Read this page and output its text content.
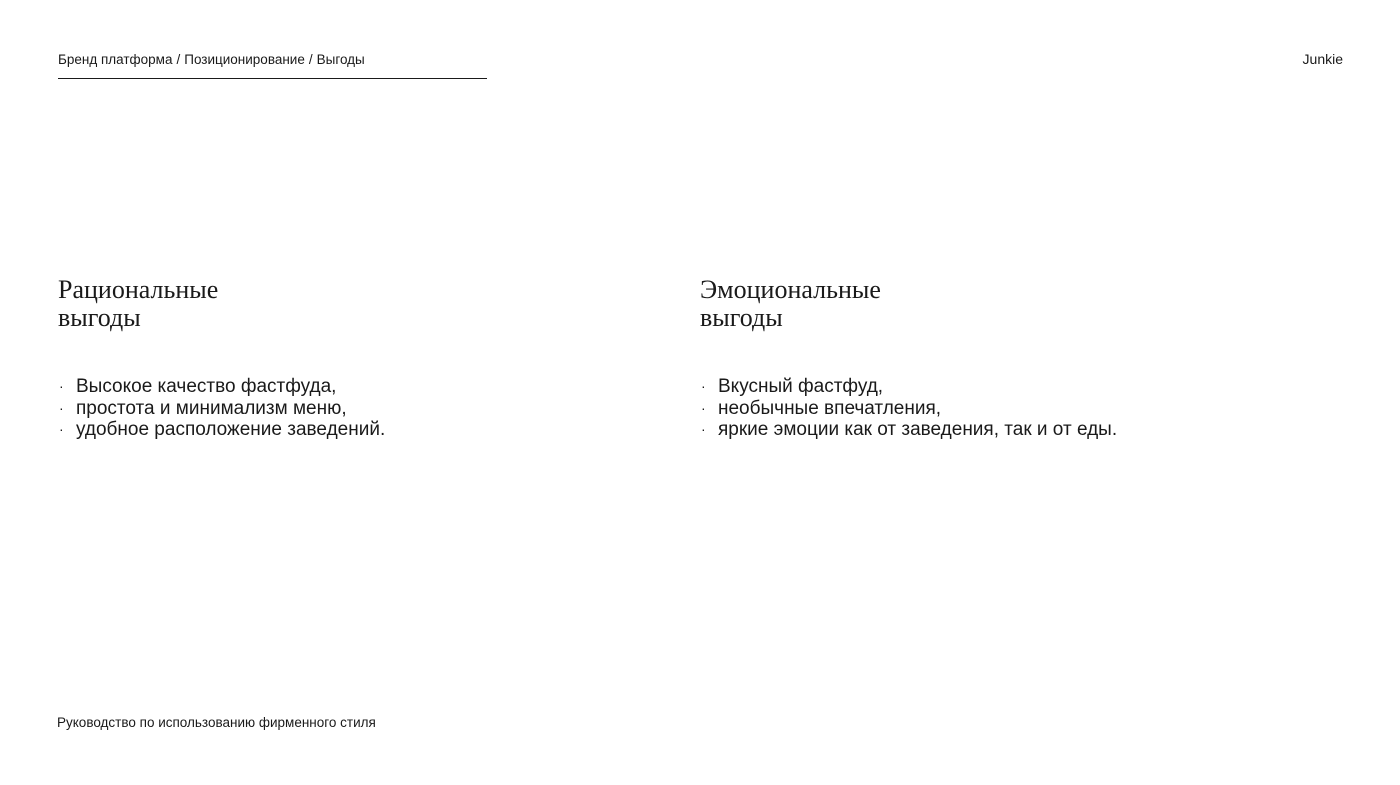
Бренд платформа / Позиционирование / Выгоды	Junkie
Рациональные
выгоды
· Высокое качество фастфуда,
· простота и минимализм меню,
· удобное расположение заведений.
Эмоциональные
выгоды
· Вкусный фастфуд,
· необычные впечатления,
· яркие эмоции как от заведения, так и от еды.
Руководство по использованию фирменного стиля
